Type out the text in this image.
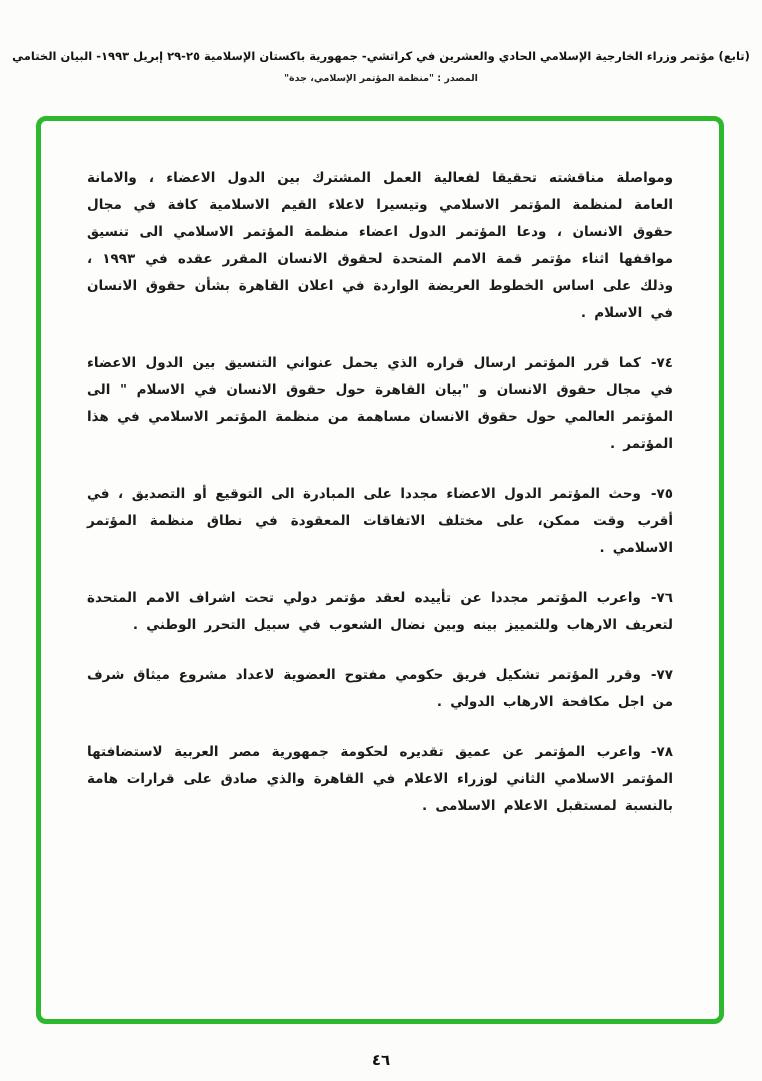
(تابع) مؤتمر وزراء الخارجية الإسلامي الحادي والعشرين في كراتشي- جمهورية باكستان الإسلامية ٢٥-٢٩ إبريل ١٩٩٣- البيان الختامي
المصدر : "منظمة المؤتمر الإسلامي، جدة"

ومواصلة مناقشته تحقيقا لفعالية العمل المشترك بين الدول الاعضاء ، والامانة العامة لمنظمة المؤتمر الاسلامي وتيسيرا لاعلاء القيم الاسلامية كافة في مجال حقوق الانسان ، ودعا المؤتمر الدول اعضاء منظمة المؤتمر الاسلامي الى تنسيق مواقفها اثناء مؤتمر قمة الامم المتحدة لحقوق الانسان المقرر عقده في ١٩٩٣ ، وذلك على اساس الخطوط العريضة الواردة في اعلان القاهرة بشأن حقوق الانسان في الاسلام .

٧٤-كما قرر المؤتمر ارسال قراره الذي يحمل عنواني التنسيق بين الدول الاعضاء في مجال حقوق الانسان و "بيان القاهرة حول حقوق الانسان في الاسلام " الى المؤتمر العالمي حول حقوق الانسان مساهمة من منظمة المؤتمر الاسلامي في هذا المؤتمر .

٧٥-وحث المؤتمر الدول الاعضاء مجددا على المبادرة الى التوقيع أو التصديق ، في أقرب وقت ممكن، على مختلف الاتفاقات المعقودة في نطاق منظمة المؤتمر الاسلامي .

٧٦-واعرب المؤتمر مجددا عن تأييده لعقد مؤتمر دولي تحت اشراف الامم المتحدة لتعريف الارهاب وللتمييز بينه وبين نضال الشعوب في سبيل التحرر الوطني .

٧٧-وقرر المؤتمر تشكيل فريق حكومي مفتوح العضوية لاعداد مشروع ميثاق شرف من اجل مكافحة الارهاب الدولي .

٧٨-واعرب المؤتمر عن عميق تقديره لحكومة جمهورية مصر العربية لاستضافتها المؤتمر الاسلامي الثاني لوزراء الاعلام في القاهرة والذي صادق على قرارات هامة بالنسبة لمستقبل الاعلام الاسلامى .

٤٦
